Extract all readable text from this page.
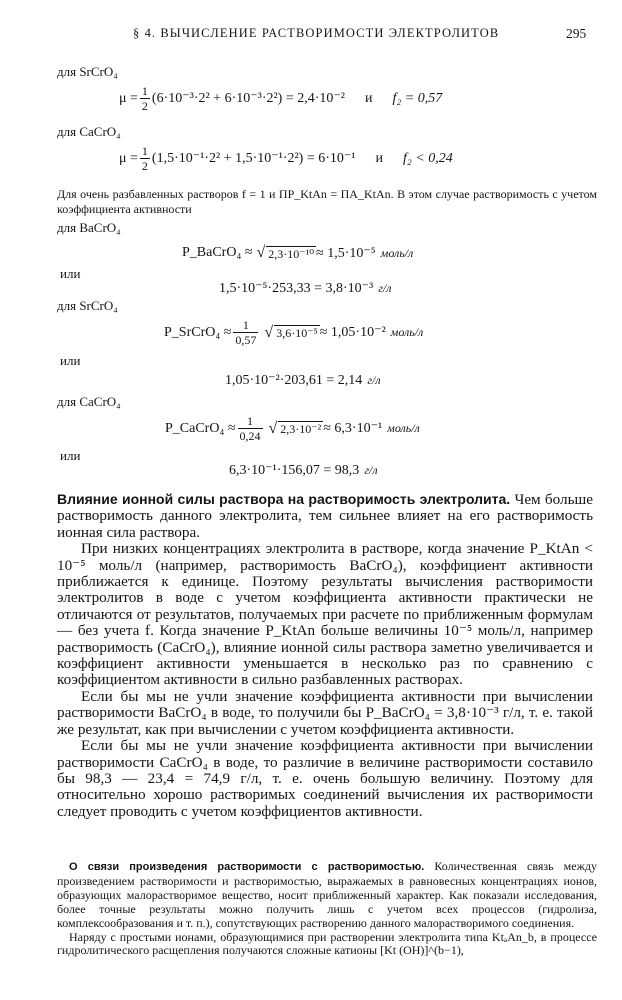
§ 4. ВЫЧИСЛЕНИЕ РАСТВОРИМОСТИ ЭЛЕКТРОЛИТОВ	295
для SrCrO₄
$\mu = \frac{1}{2} (6\cdot 10^{-3}\cdot 2^2 + 6\cdot 10^{-3}\cdot 2^2) = 2,4\cdot 10^{-2}$ и f₂ = 0,57
для CaCrO₄
$\mu = \frac{1}{2} (1,5\cdot 10^{-1}\cdot 2^2 + 1,5\cdot 10^{-1}\cdot 2^2) = 6\cdot 10^{-1}$ и f₂ < 0,24
Для очень разбавленных растворов f = 1 и ПР_KtAn = ПА_KtAn. В этом случае растворимость с учетом коэффициента активности
для BaCrO₄
P_BaCrO₄ ≈ √ 2,3·10⁻¹⁰ ≈ 1,5·10⁻⁵ моль/л
или
1,5·10⁻⁵·253,33 = 3,8·10⁻³ г/л
для SrCrO₄
P_SrCrO₄ ≈ $\frac{1}{0,57}$ √ 3,6·10⁻⁵ ≈ 1,05·10⁻² моль/л
или
1,05·10⁻²·203,61 = 2,14 г/л
для CaCrO₄
P_CaCrO₄ ≈ $\frac{1}{0,24}$ √ 2,3·10⁻² ≈ 6,3·10⁻¹ моль/л
или
6,3·10⁻¹·156,07 = 98,3 г/л

Влияние ионной силы раствора на растворимость электролита. Чем больше растворимость данного электролита, тем сильнее влияет на его растворимость ионная сила раствора.

При низких концентрациях электролита в растворе, когда значение P_KtAn < 10⁻⁵ моль/л (например, растворимость BaCrO₄), коэффициент активности приближается к единице. Поэтому результаты вычисления растворимости электролитов в воде с учетом коэффициента активности практически не отличаются от результатов, получаемых при расчете по приближенным формулам — без учета f. Когда значение P_KtAn больше величины 10⁻⁵ моль/л, например растворимость (CaCrO₄), влияние ионной силы раствора заметно увеличивается и коэффициент активности уменьшается в несколько раз по сравнению с коэффициентом активности в сильно разбавленных растворах.

Если бы мы не учли значение коэффициента активности при вычислении растворимости BaCrO₄ в воде, то получили бы P_BaCrO₄ = 3,8·10⁻³ г/л, т. е. такой же результат, как при вычислении с учетом коэффициента активности.

Если бы мы не учли значение коэффициента активности при вычислении растворимости CaCrO₄ в воде, то различие в величине растворимости составило бы 98,3 — 23,4 = 74,9 г/л, т. е. очень большую величину. Поэтому для относительно хорошо растворимых соединений вычисления их растворимости следует проводить с учетом коэффициентов активности.

О связи произведения растворимости с растворимостью. Количественная связь между произведением растворимости и растворимостью, выражаемых в равновесных концентрациях ионов, образующих малорастворимое вещество, носит приближенный характер. Как показали исследования, более точные результаты можно получить лишь с учетом всех процессов (гидролиза, комплексообразования и т. п.), сопутствующих растворению данного малорастворимого соединения.

Наряду с простыми ионами, образующимися при растворении электролита типа KtₐAn_b, в процессе гидролитического расщепления получаются сложные катионы [Kt (OH)]^(b−1),
